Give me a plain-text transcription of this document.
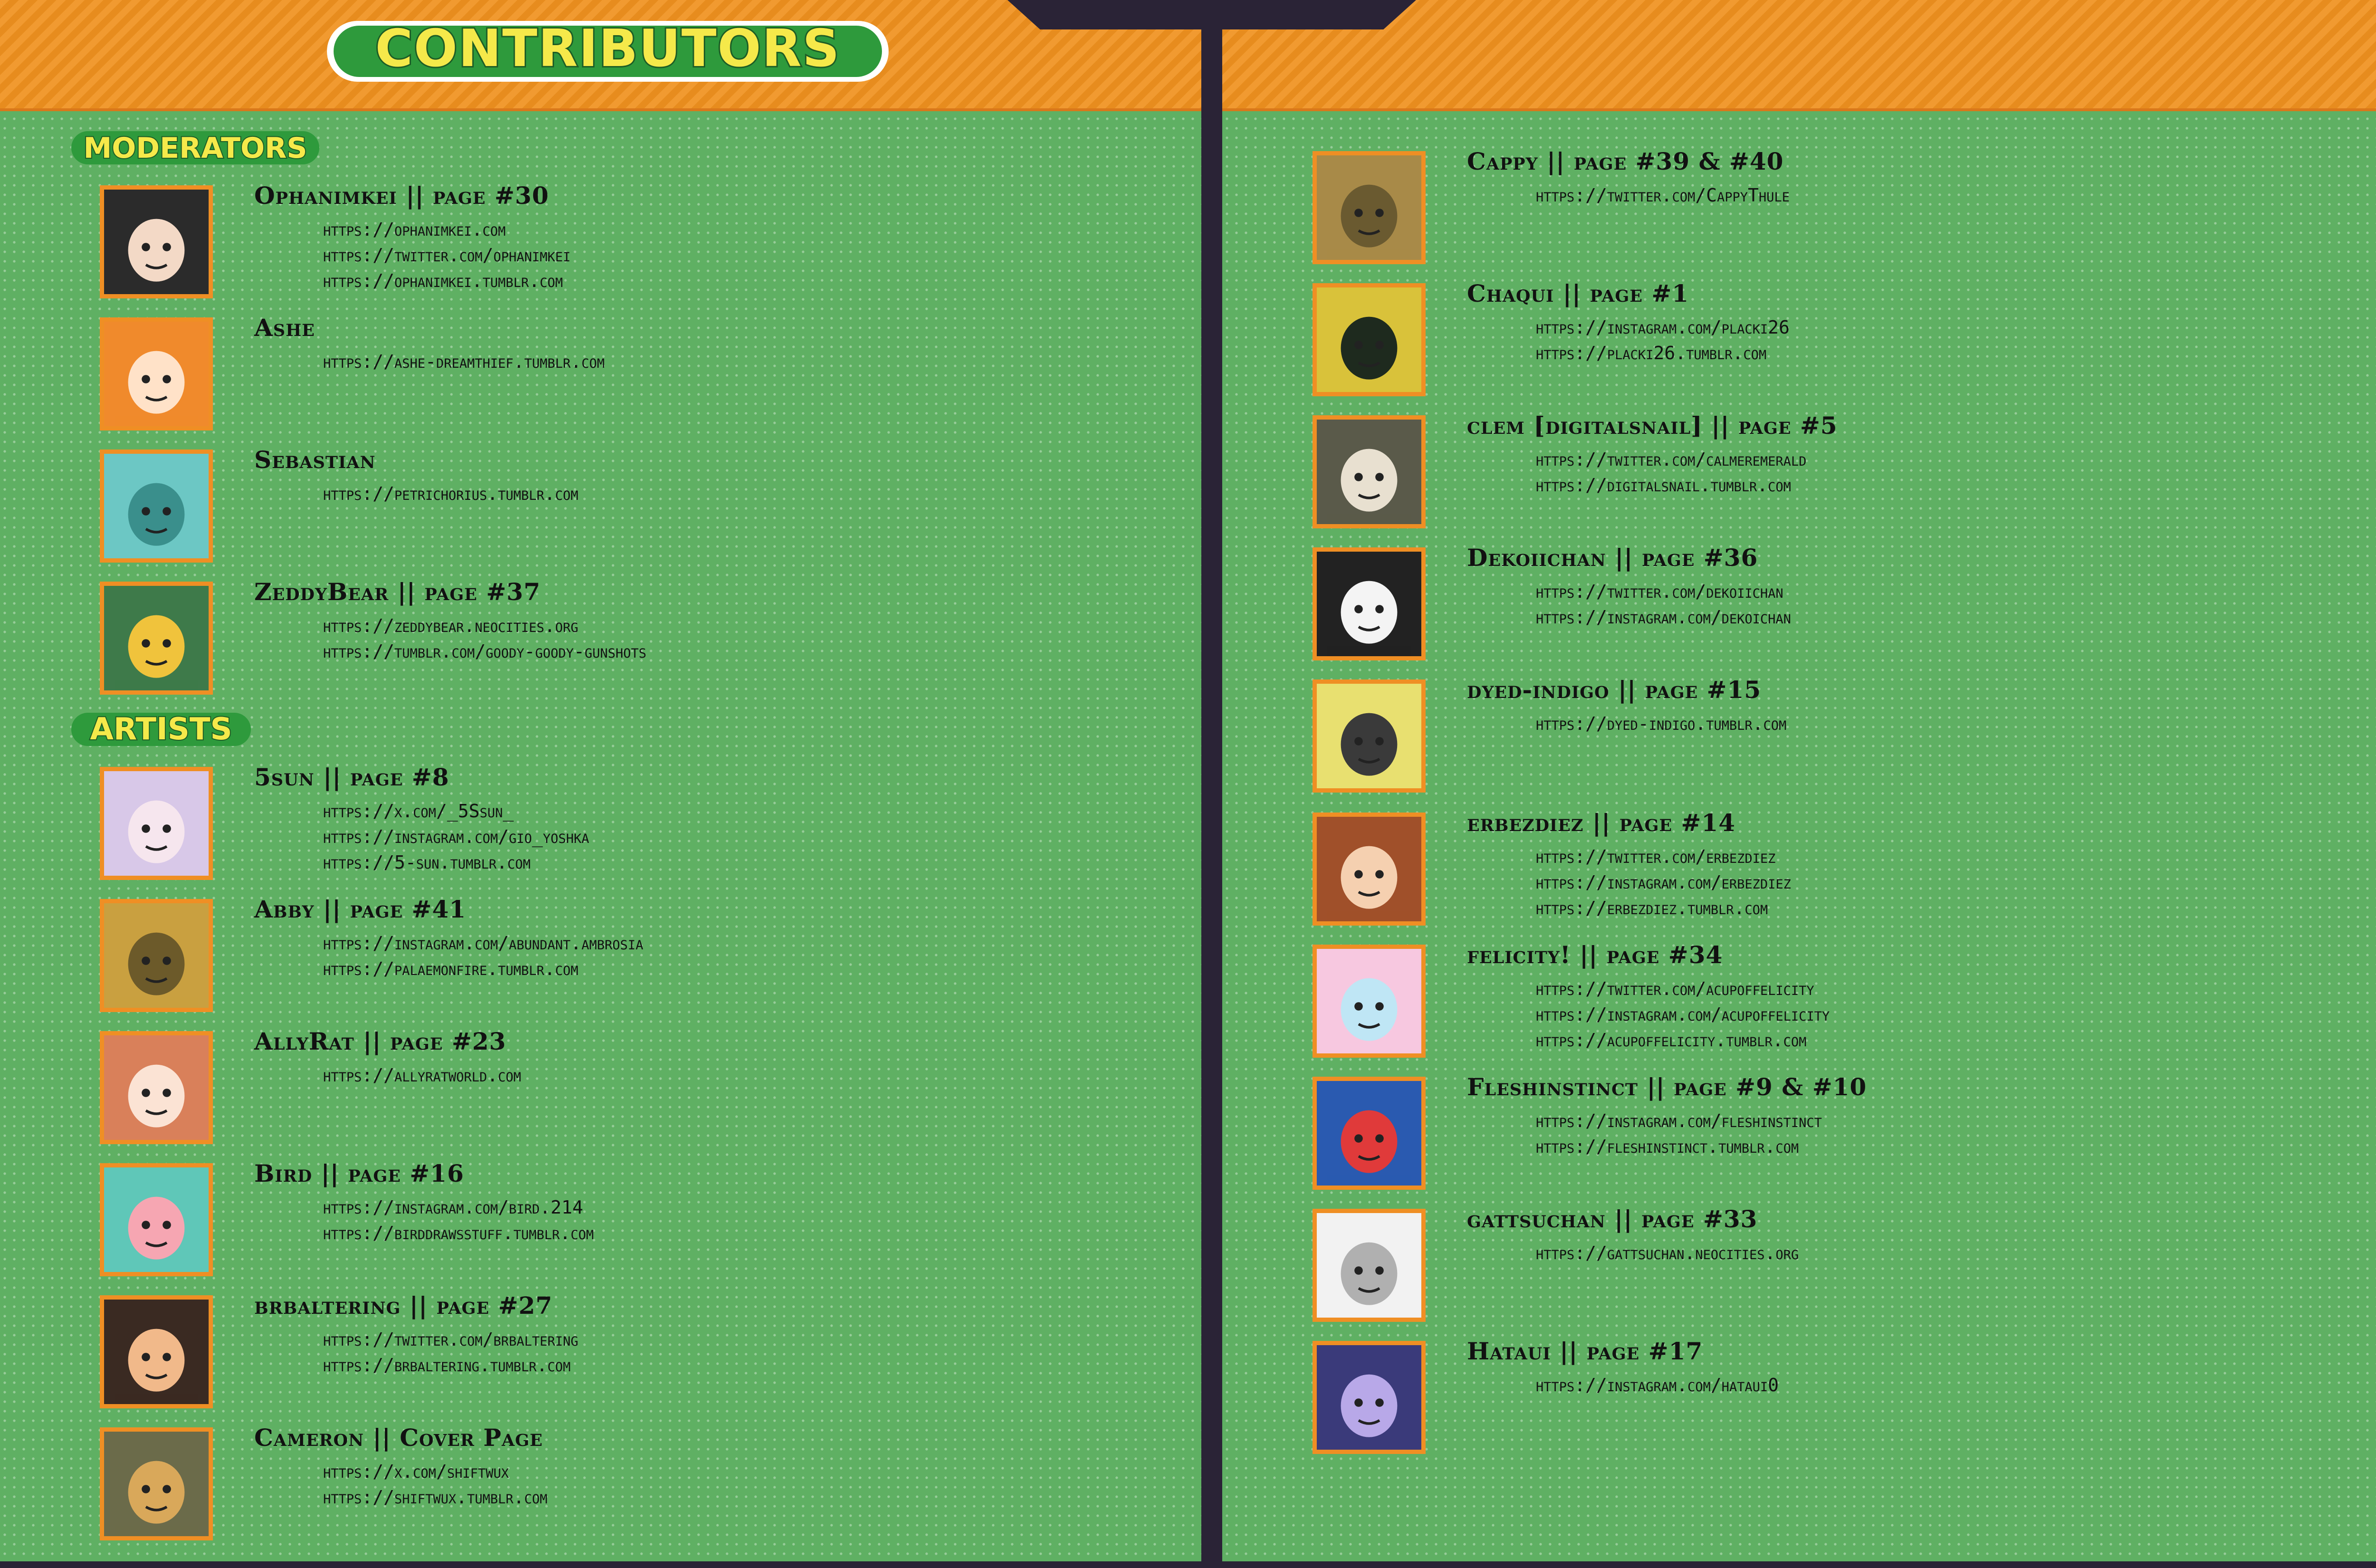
CONTRIBUTORS
MODERATORS
Ophanimkei || page #30
https://ophanimkei.com
https://twitter.com/ophanimkei
https://ophanimkei.tumblr.com
Ashe
https://ashe-dreamthief.tumblr.com
Sebastian
https://petrichorius.tumblr.com
ZeddyBear || page #37
https://zeddybear.neocities.org
https://tumblr.com/goody-goody-gunshots
ARTISTS
5sun || page #8
https://x.com/_5Ssun_
https://instagram.com/gio_yoshka
https://5-sun.tumblr.com
Abby || page #41
https://instagram.com/abundant.ambrosia
https://palaemonfire.tumblr.com
AllyRat || page #23
https://allyratworld.com
Bird || page #16
https://instagram.com/bird.214
https://birddrawsstuff.tumblr.com
brbaltering || page #27
https://twitter.com/brbaltering
https://brbaltering.tumblr.com
Cameron || Cover Page
https://x.com/shiftwux
https://shiftwux.tumblr.com
Cappy || page #39 & #40
https://twitter.com/CappyThule
Chaqui || page #1
https://instagram.com/placki26
https://placki26.tumblr.com
clem [digitalsnail] || page #5
https://twitter.com/calmeremerald
https://digitalsnail.tumblr.com
Dekoiichan || page #36
https://twitter.com/dekoiichan
https://instagram.com/dekoichan
dyed-indigo || page #15
https://dyed-indigo.tumblr.com
erbezdiez || page #14
https://twitter.com/erbezdiez
https://instagram.com/erbezdiez
https://erbezdiez.tumblr.com
felicity! || page #34
https://twitter.com/acupoffelicity
https://instagram.com/acupoffelicity
https://acupoffelicity.tumblr.com
Fleshinstinct || page #9 & #10
https://instagram.com/fleshinstinct
https://fleshinstinct.tumblr.com
gattsuchan || page #33
https://gattsuchan.neocities.org
Hataui || page #17
https://instagram.com/hataui0
